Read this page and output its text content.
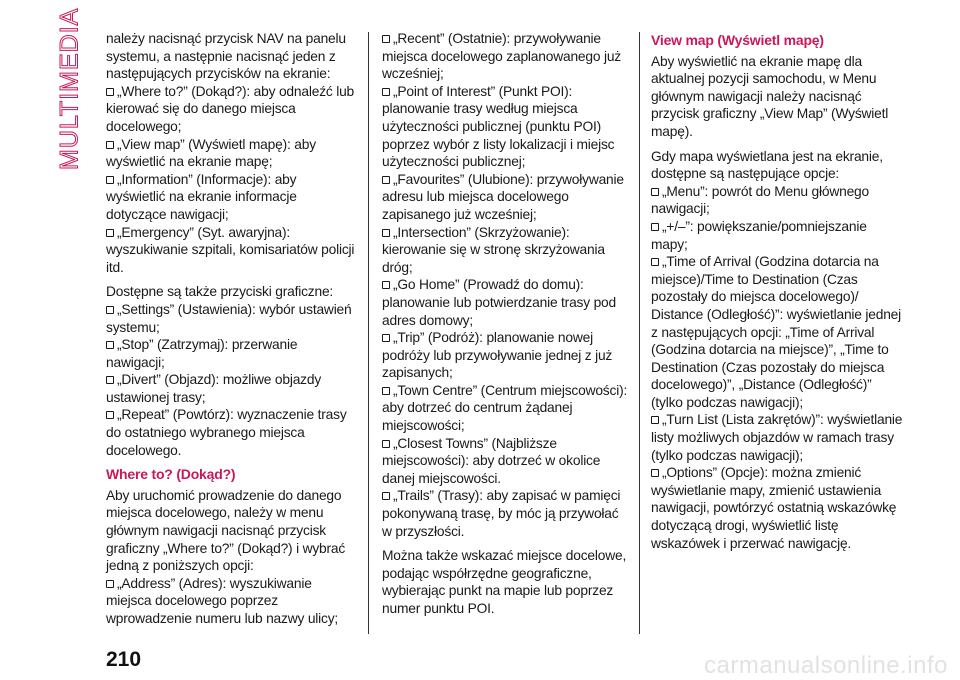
MULTIMEDIA należy nacisnąć przycisk NAV na panelu systemu, a następnie nacisnąć jeden z następujących przycisków na ekranie:

„Where to?” (Dokąd?): aby odnaleźć lub kierować się do danego miejsca docelowego;

„View map” (Wyświetl mapę): aby wyświetlić na ekranie mapę;

„Information” (Informacje): aby wyświetlić na ekranie informacje dotyczące nawigacji;

„Emergency” (Syt. awaryjna): wyszukiwanie szpitali, komisariatów policji itd.

Dostępne są także przyciski graficzne:

„Settings” (Ustawienia): wybór ustawień systemu;

„Stop” (Zatrzymaj): przerwanie nawigacji;

„Divert” (Objazd): możliwe objazdy ustawionej trasy;

„Repeat” (Powtórz): wyznaczenie trasy do ostatniego wybranego miejsca docelowego.

Where to? (Dokąd?)

Aby uruchomić prowadzenie do danego miejsca docelowego, należy w menu głównym nawigacji nacisnąć przycisk graficzny „Where to?” (Dokąd?) i wybrać jedną z poniższych opcji:

„Address” (Adres): wyszukiwanie miejsca docelowego poprzez wprowadzenie numeru lub nazwy ulicy;

„Recent” (Ostatnie): przywoływanie miejsca docelowego zaplanowanego już wcześniej;

„Point of Interest” (Punkt POI): planowanie trasy według miejsca użyteczności publicznej (punktu POI) poprzez wybór z listy lokalizacji i miejsc użyteczności publicznej;

„Favourites” (Ulubione): przywoływanie adresu lub miejsca docelowego zapisanego już wcześniej;

„Intersection” (Skrzyżowanie): kierowanie się w stronę skrzyżowania dróg;

„Go Home” (Prowadź do domu): planowanie lub potwierdzanie trasy pod adres domowy;

„Trip” (Podróż): planowanie nowej podróży lub przywoływanie jednej z już zapisanych;

„Town Centre” (Centrum miejscowości): aby dotrzeć do centrum żądanej miejscowości;

„Closest Towns” (Najbliższe miejscowości): aby dotrzeć w okolice danej miejscowości.

„Trails” (Trasy): aby zapisać w pamięci pokonywaną trasę, by móc ją przywołać w przyszłości.

Można także wskazać miejsce docelowe, podając współrzędne geograficzne, wybierając punkt na mapie lub poprzez numer punktu POI.

View map (Wyświetl mapę)

Aby wyświetlić na ekranie mapę dla aktualnej pozycji samochodu, w Menu głównym nawigacji należy nacisnąć przycisk graficzny „View Map” (Wyświetl mapę).

Gdy mapa wyświetlana jest na ekranie, dostępne są następujące opcje:

„Menu”: powrót do Menu głównego nawigacji;

„+/–”: powiększanie/pomniejszanie mapy;

„Time of Arrival (Godzina dotarcia na miejsce)/Time to Destination (Czas pozostały do miejsca docelowego)/ Distance (Odległość)”: wyświetlanie jednej z następujących opcji: „Time of Arrival (Godzina dotarcia na miejsce)”, „Time to Destination (Czas pozostały do miejsca docelowego)”, „Distance (Odległość)” (tylko podczas nawigacji);

„Turn List (Lista zakrętów)”: wyświetlanie listy możliwych objazdów w ramach trasy (tylko podczas nawigacji);

„Options” (Opcje): można zmienić wyświetlanie mapy, zmienić ustawienia nawigacji, powtórzyć ostatnią wskazówkę dotyczącą drogi, wyświetlić listę wskazówek i przerwać nawigację.

210	carmanualsonline.info
